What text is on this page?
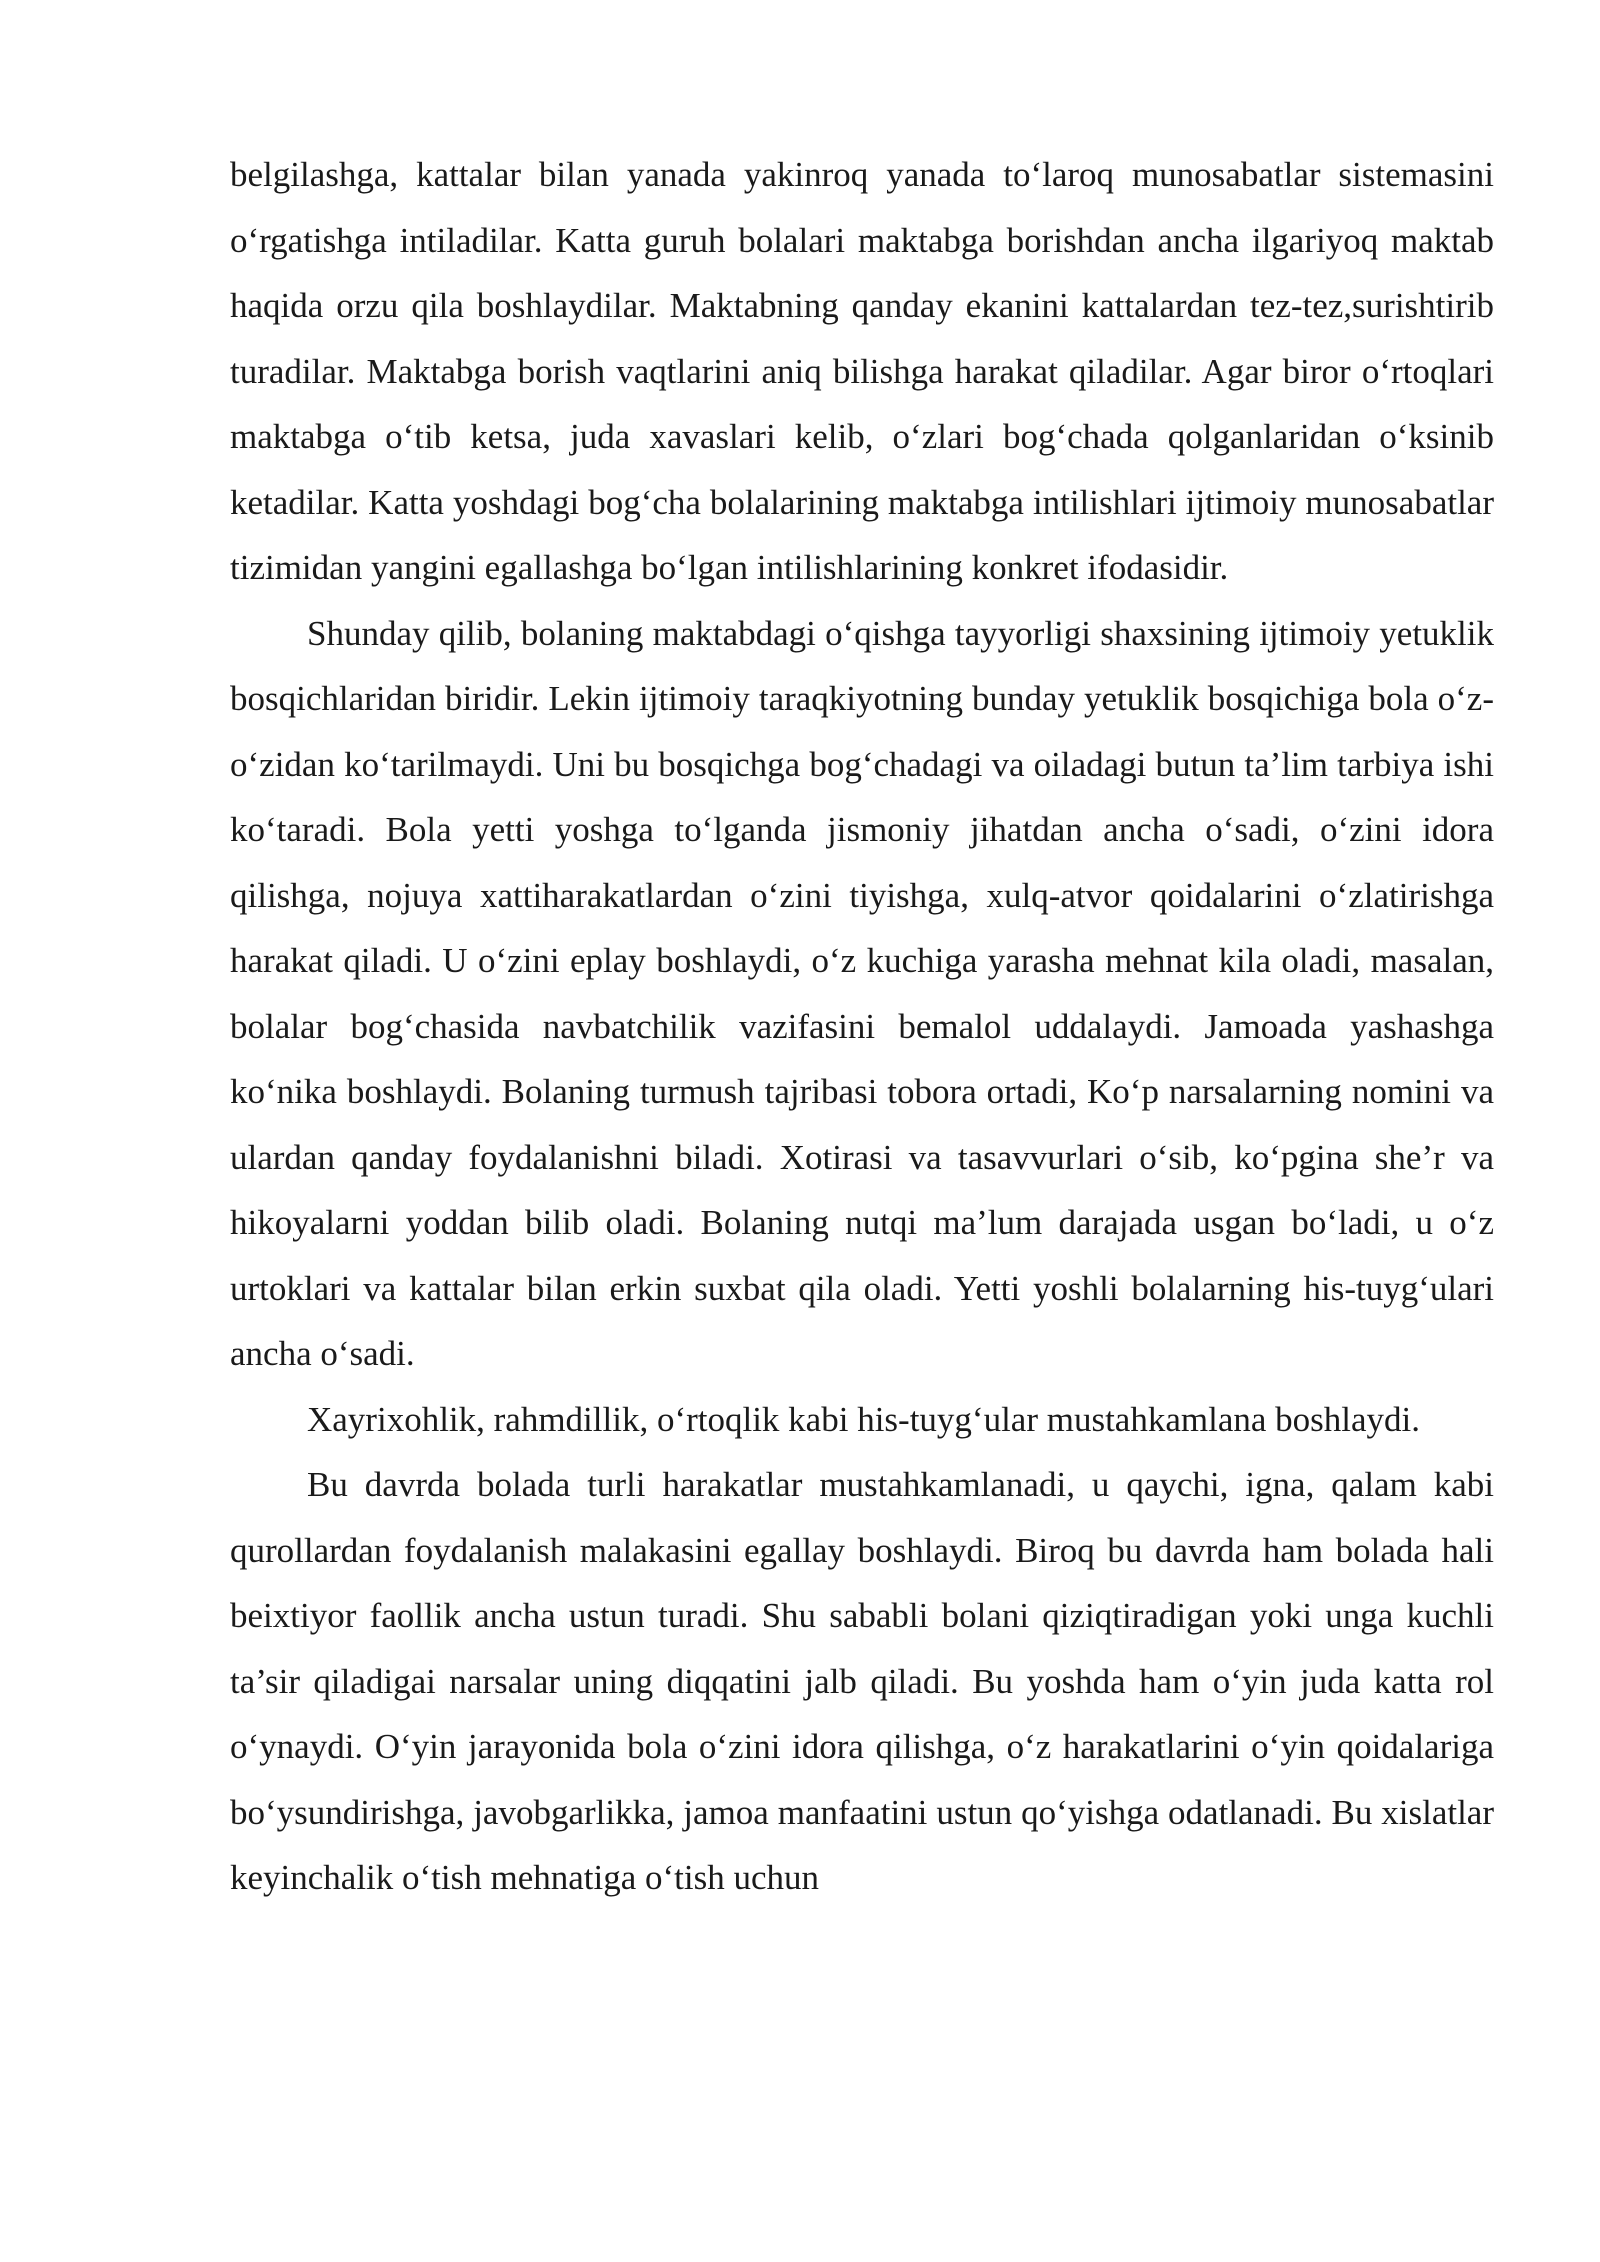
belgilashga, kattalar bilan yanada yakinroq yanada to‘laroq munosabatlar sistemasini o‘rgatishga intiladilar. Katta guruh bolalari maktabga borishdan ancha ilgariyoq maktab haqida orzu qila boshlaydilar. Maktabning qanday ekanini kattalardan tez-tez,surishtirib turadilar. Maktabga borish vaqtlarini aniq bilishga harakat qiladilar. Agar biror o‘rtoqlari maktabga o‘tib ketsa, juda xavaslari kelib, o‘zlari bog‘chada qolganlaridan o‘ksinib ketadilar. Katta yoshdagi bog‘cha bolalarining maktabga intilishlari ijtimoiy munosabatlar tizimidan yangini egallashga bo‘lgan intilishlarining konkret ifodasidir.

Shunday qilib, bolaning maktabdagi o‘qishga tayyorligi shaxsining ijtimoiy yetuklik bosqichlaridan biridir. Lekin ijtimoiy taraqkiyotning bunday yetuklik bosqichiga bola o‘z-o‘zidan ko‘tarilmaydi. Uni bu bosqichga bog‘chadagi va oiladagi butun ta’lim tarbiya ishi ko‘taradi. Bola yetti yoshga to‘lganda jismoniy jihatdan ancha o‘sadi, o‘zini idora qilishga, nojuya xattiharakatlardan o‘zini tiyishga, xulq-atvor qoidalarini o‘zlatirishga harakat qiladi. U o‘zini eplay boshlaydi, o‘z kuchiga yarasha mehnat kila oladi, masalan, bolalar bog‘chasida navbatchilik vazifasini bemalol uddalaydi. Jamoada yashashga ko‘nika boshlaydi. Bolaning turmush tajribasi tobora ortadi, Ko‘p narsalarning nomini va ulardan qanday foydalanishni biladi. Xotirasi va tasavvurlari o‘sib, ko‘pgina she’r va hikoyalarni yoddan bilib oladi. Bolaning nutqi ma’lum darajada usgan bo‘ladi, u o‘z urtoklari va kattalar bilan erkin suxbat qila oladi. Yetti yoshli bolalarning his-tuyg‘ulari ancha o‘sadi.

Xayrixohlik, rahmdillik, o‘rtoqlik kabi his-tuyg‘ular mustahkamlana boshlaydi.

Bu davrda bolada turli harakatlar mustahkamlanadi, u qaychi, igna, qalam kabi qurollardan foydalanish malakasini egallay boshlaydi. Biroq bu davrda ham bolada hali beixtiyor faollik ancha ustun turadi. Shu sababli bolani qiziqtiradigan yoki unga kuchli ta’sir qiladigai narsalar uning diqqatini jalb qiladi. Bu yoshda ham o‘yin juda katta rol o‘ynaydi. O‘yin jarayonida bola o‘zini idora qilishga, o‘z harakatlarini o‘yin qoidalariga bo‘ysundirishga, javobgarlikka, jamoa manfaatini ustun qo‘yishga odatlanadi. Bu xislatlar keyinchalik o‘tish mehnatiga o‘tish uchun
